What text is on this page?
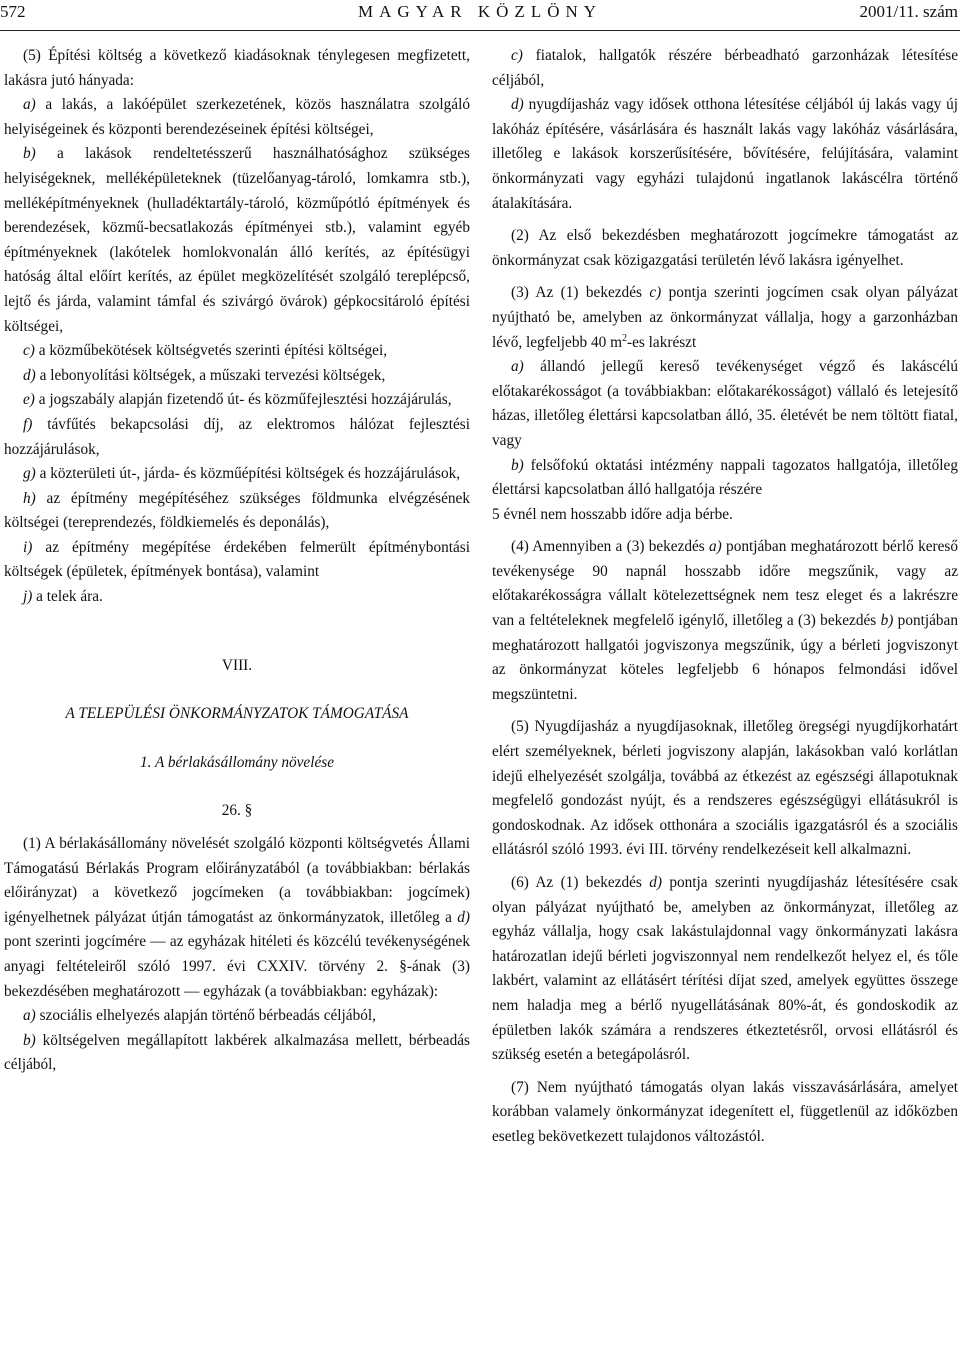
MAGYAR KÖZLÖNY
572	2001/11. szám

(5) Építési költség a következő kiadásoknak ténylegesen megfizetett, lakásra jutó hányada:

a) a lakás, a lakóépület szerkezetének, közös használatra szolgáló helyiségeinek és központi berendezéseinek építési költségei,

b) a lakások rendeltetésszerű használhatósághoz szükséges helyiségeknek, melléképületeknek (tüzelőanyag-tároló, lomkamra stb.), melléképítményeknek (hulladéktartály-tároló, közműpótló építmények és berendezések, közmű-becsatlakozás építményei stb.), valamint egyéb építményeknek (lakótelek homlokvonalán álló kerítés, az építésügyi hatóság által előírt kerítés, az épület megközelítését szolgáló tereplépcső, lejtő és járda, valamint támfal és szivárgó övárok) gépkocsitároló építési költségei,

c) a közműbekötések költségvetés szerinti építési költségei,

d) a lebonyolítási költségek, a műszaki tervezési költségek,

e) a jogszabály alapján fizetendő út- és közműfejlesztési hozzájárulás,

f) távfűtés bekapcsolási díj, az elektromos hálózat fejlesztési hozzájárulások,

g) a közterületi út-, járda- és közműépítési költségek és hozzájárulások,

h) az építmény megépítéséhez szükséges földmunka elvégzésének költségei (tereprendezés, földkiemelés és deponálás),

i) az építmény megépítése érdekében felmerült építménybontási költségek (épületek, építmények bontása), valamint

j) a telek ára.

VIII.

A TELEPÜLÉSI ÖNKORMÁNYZATOK TÁMOGATÁSA

1. A bérlakásállomány növelése

26. §

(1) A bérlakásállomány növelését szolgáló központi költségvetés Állami Támogatású Bérlakás Program előirányzatából (a továbbiakban: bérlakás előirányzat) a következő jogcímeken (a továbbiakban: jogcímek) igényelhetnek pályázat útján támogatást az önkormányzatok, illetőleg a d) pont szerinti jogcímére — az egyházak hitéleti és közcélú tevékenységének anyagi feltételeiről szóló 1997. évi CXXIV. törvény 2. §-ának (3) bekezdésében meghatározott — egyházak (a továbbiakban: egyházak):

a) szociális elhelyezés alapján történő bérbeadás céljából,

b) költségelven megállapított lakbérek alkalmazása mellett, bérbeadás céljából,

c) fiatalok, hallgatók részére bérbeadható garzonházak létesítése céljából,

d) nyugdíjasház vagy idősek otthona létesítése céljából új lakás vagy új lakóház építésére, vásárlására és használt lakás vagy lakóház vásárlására, illetőleg e lakások korszerűsítésére, bővítésére, felújítására, valamint önkormányzati vagy egyházi tulajdonú ingatlanok lakáscélra történő átalakítására.

(2) Az első bekezdésben meghatározott jogcímekre támogatást az önkormányzat csak közigazgatási területén lévő lakásra igényelhet.

(3) Az (1) bekezdés c) pontja szerinti jogcímen csak olyan pályázat nyújtható be, amelyben az önkormányzat vállalja, hogy a garzonházban lévő, legfeljebb 40 $m^2-es$ lakrészt

a) állandó jellegű kereső tevékenységet végző és lakáscélú előtakarékosságot (a továbbiakban: előtakarékosságot) vállaló és letejesítő házas, illetőleg élettársi kapcsolatban álló, 35. életévét be nem töltött fiatal, vagy

b) felsőfokú oktatási intézmény nappali tagozatos hallgatója, illetőleg élettársi kapcsolatban álló hallgatója részére

5 évnél nem hosszabb időre adja bérbe.

(4) Amennyiben a (3) bekezdés a) pontjában meghatározott bérlő kereső tevékenysége 90 napnál hosszabb időre megszűnik, vagy az előtakarékosságra vállalt kötelezettségnek nem tesz eleget és a lakrészre van a feltételeknek megfelelő igénylő, illetőleg a (3) bekezdés b) pontjában meghatározott hallgatói jogviszonya megszűnik, úgy a bérleti jogviszonyt az önkormányzat köteles legfeljebb 6 hónapos felmondási idővel megszüntetni.

(5) Nyugdíjasház a nyugdíjasoknak, illetőleg öregségi nyugdíjkorhatárt elért személyeknek, bérleti jogviszony alapján, lakásokban való korlátlan idejű elhelyezését szolgálja, továbbá az étkezést az egészségi állapotuknak megfelelő gondozást nyújt, és a rendszeres egészségügyi ellátásukról is gondoskodnak. Az idősek otthonára a szociális igazgatásról és a szociális ellátásról szóló 1993. évi III. törvény rendelkezéseit kell alkalmazni.

(6) Az (1) bekezdés d) pontja szerinti nyugdíjasház létesítésére csak olyan pályázat nyújtható be, amelyben az önkormányzat, illetőleg az egyház vállalja, hogy csak lakástulajdonnal vagy önkormányzati lakásra határozatlan idejű bérleti jogviszonnyal nem rendelkezőt helyez el, és tőle lakbért, valamint az ellátásért térítési díjat szed, amelyek együttes összege nem haladja meg a bérlő nyugellátásának 80%-át, és gondoskodik az épületben lakók számára a rendszeres étkeztetésről, orvosi ellátásról és szükség esetén a betegápolásról.

(7) Nem nyújtható támogatás olyan lakás visszavásárlására, amelyet korábban valamely önkormányzat idegenített el, függetlenül az időközben esetleg bekövetkezett tulajdonos változástól.
